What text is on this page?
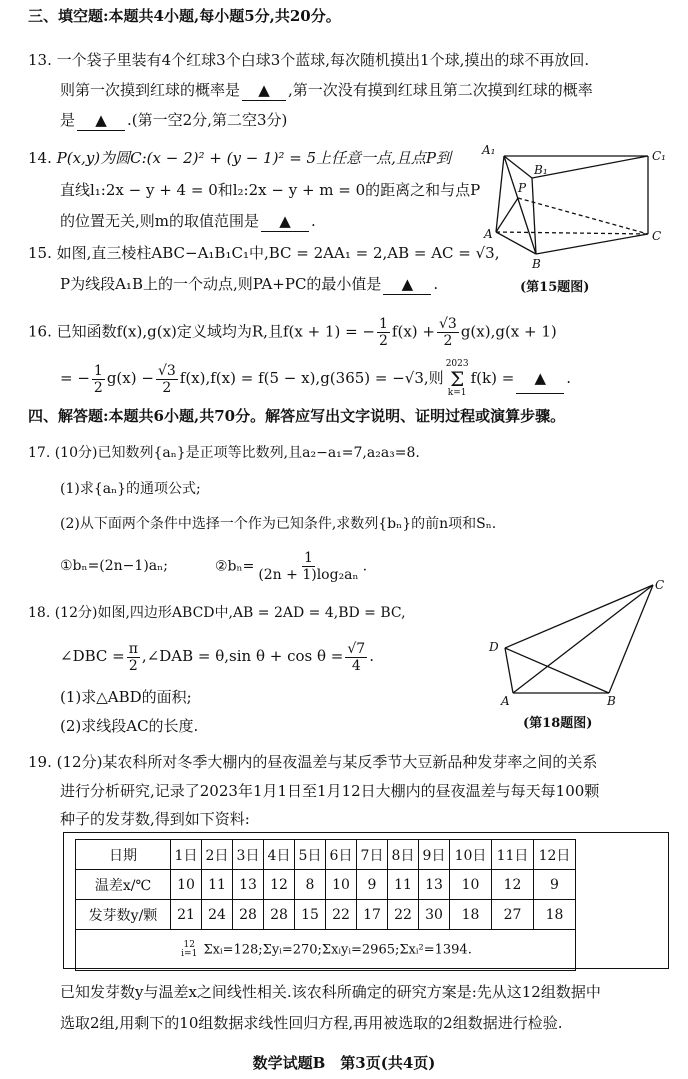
三、填空题:本题共4小题,每小题5分,共20分。
13. 一个袋子里装有4个红球3个白球3个蓝球,每次随机摸出1个球,摸出的球不再放回.
则第一次摸到红球的概率是 ▲ ,第一次没有摸到红球且第二次摸到红球的概率
是 ▲ .(第一空2分,第二空3分)
14. P(x,y)为圆C:(x − 2)² + (y − 1)² = 5上任意一点,且点P到
直线l₁:2x − y + 4 = 0和l₂:2x − y + m = 0的距离之和与点P
的位置无关,则m的取值范围是 ▲ .
15. 如图,直三棱柱ABC−A₁B₁C₁中,BC = 2AA₁ = 2,AB = AC = √3,
P为线段A₁B上的一个动点,则PA+PC的最小值是 ▲ .
A₁
B₁
C₁
P
A
B
C
(第15题图)
16. 已知函数f(x),g(x)定义域均为R,且f(x + 1) = − $\frac{1}{2} f(x) + \frac{√3}{2} g(x),g(x + 1)$
= − $\frac{1}{2} g(x) - \frac{√3}{2} f(x),f(x) = f(5 - x),g(365) = -√3$,则
2023
Σ
k=1
f(k) = ▲ .
四、解答题:本题共6小题,共70分。解答应写出文字说明、证明过程或演算步骤。
17. (10分)已知数列{aₙ}是正项等比数列,且a₂−a₁=7,a₂a₃=8.
(1)求{aₙ}的通项公式;
(2)从下面两个条件中选择一个作为已知条件,求数列{bₙ}的前n项和Sₙ.
①bₙ=(2n−1)aₙ;	②bₙ= $\frac{1}{\text{(2n + 1)log₂aₙ}}$ .
18. (12分)如图,四边形ABCD中,AB = 2AD = 4,BD = BC,
∠DBC = $\frac{\pi}{2}$ ,∠DAB = θ,sin $\theta + \cos \theta = \frac{√7}{4}$ .
(1)求△ABD的面积;
(2)求线段AC的长度.
D
C
A	B
(第18题图)
19. (12分)某农科所对冬季大棚内的昼夜温差与某反季节大豆新品种发芽率之间的关系
进行分析研究,记录了2023年1月1日至1月12日大棚内的昼夜温差与每天每100颗
种子的发芽数,得到如下资料:
日期	1日	2日	3日	4日	5日	6日	7日	8日	9日	10日	11日	12日
温差x/℃	10	11	13	12	8	10	9	11	13	10	12	9
发芽数y/颗	21	24	28	28	15	22	17	22	30	18	27	18

12
i=1 Σxᵢ=128;Σyᵢ=270;Σxᵢyᵢ=2965;Σxᵢ²=1394.												
已知发芽数y与温差x之间线性相关.该农科所确定的研究方案是:先从这12组数据中
选取2组,用剩下的10组数据求线性回归方程,再用被选取的2组数据进行检验.
数学试题B　第3页(共4页)
